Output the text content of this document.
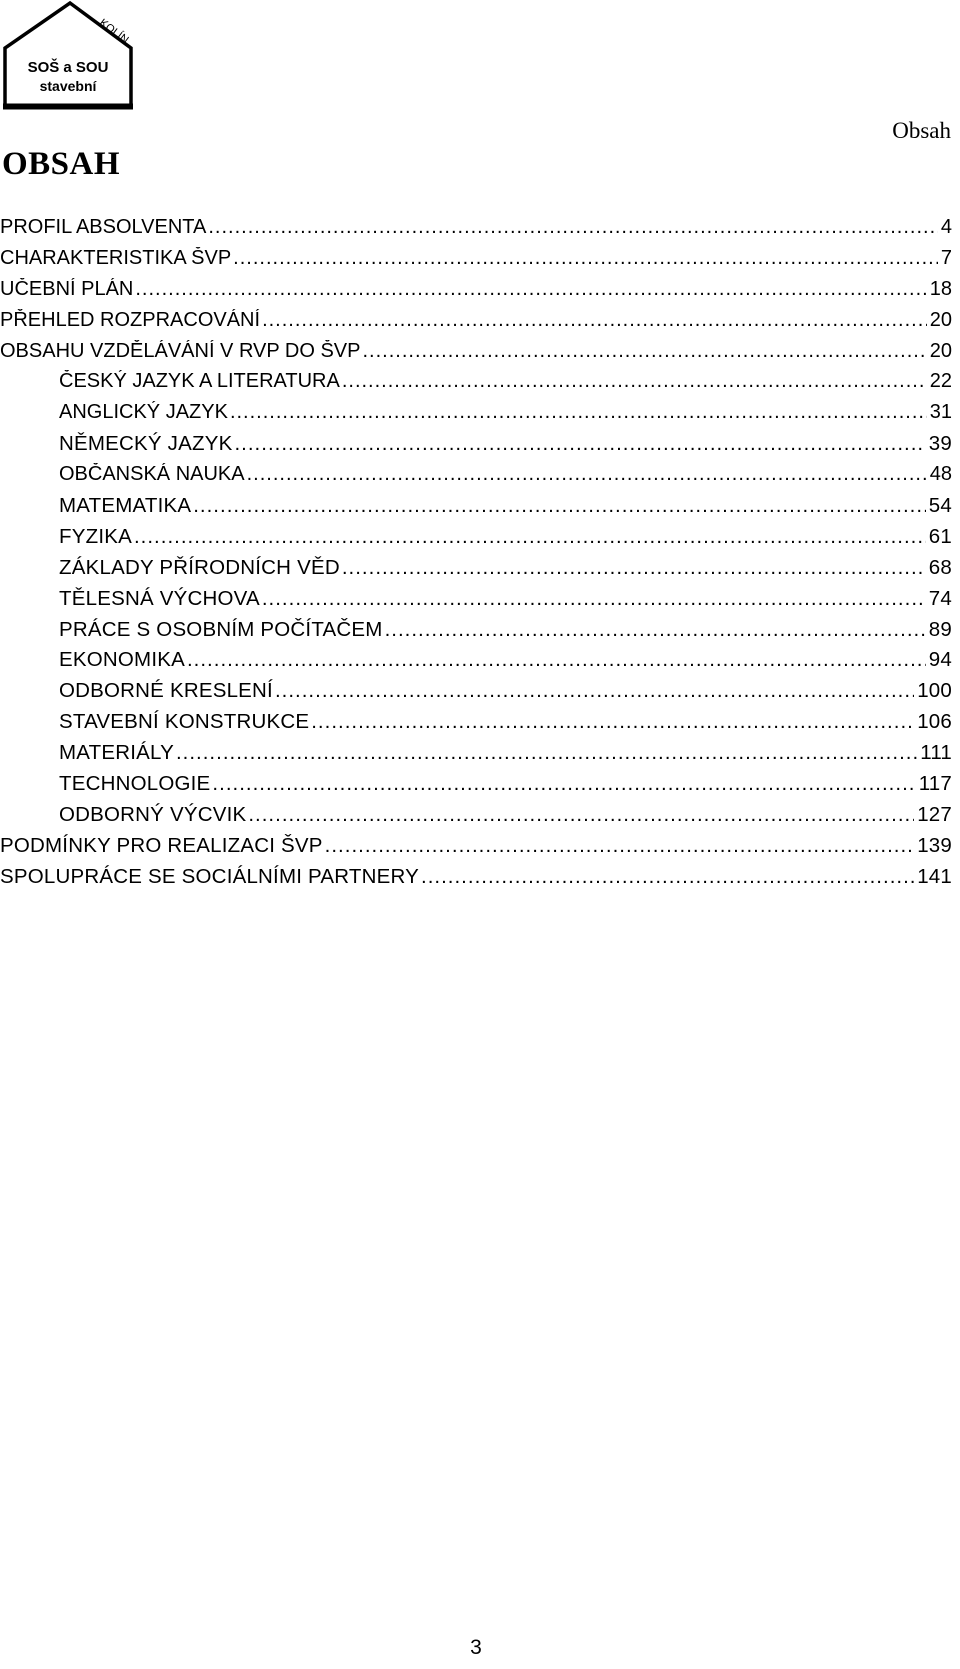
KOLÍN
SOŠ a SOU
stavební
Obsah
OBSAH
PROFIL ABSOLVENTA .....	4
CHARAKTERISTIKA ŠVP .....	7
UČEBNÍ PLÁN .....	18
PŘEHLED ROZPRACOVÁNÍ .....	20
OBSAHU VZDĚLÁVÁNÍ V RVP DO ŠVP .....	20
ČESKÝ JAZYK A LITERATURA .....	22
ANGLICKÝ JAZYK .....	31
NĚMECKÝ JAZYK .....	39
OBČANSKÁ NAUKA .....	48
MATEMATIKA .....	54
FYZIKA .....	61
ZÁKLADY PŘÍRODNÍCH VĚD .....	68
TĚLESNÁ VÝCHOVA .....	74
PRÁCE S OSOBNÍM POČÍTAČEM .....	89
EKONOMIKA .....	94
ODBORNÉ KRESLENÍ .....	100
STAVEBNÍ KONSTRUKCE .....	106
MATERIÁLY .....	111
TECHNOLOGIE .....	117
ODBORNÝ VÝCVIK .....	127
PODMÍNKY PRO REALIZACI ŠVP .....	139
SPOLUPRÁCE SE SOCIÁLNÍMI PARTNERY .....	141
3
